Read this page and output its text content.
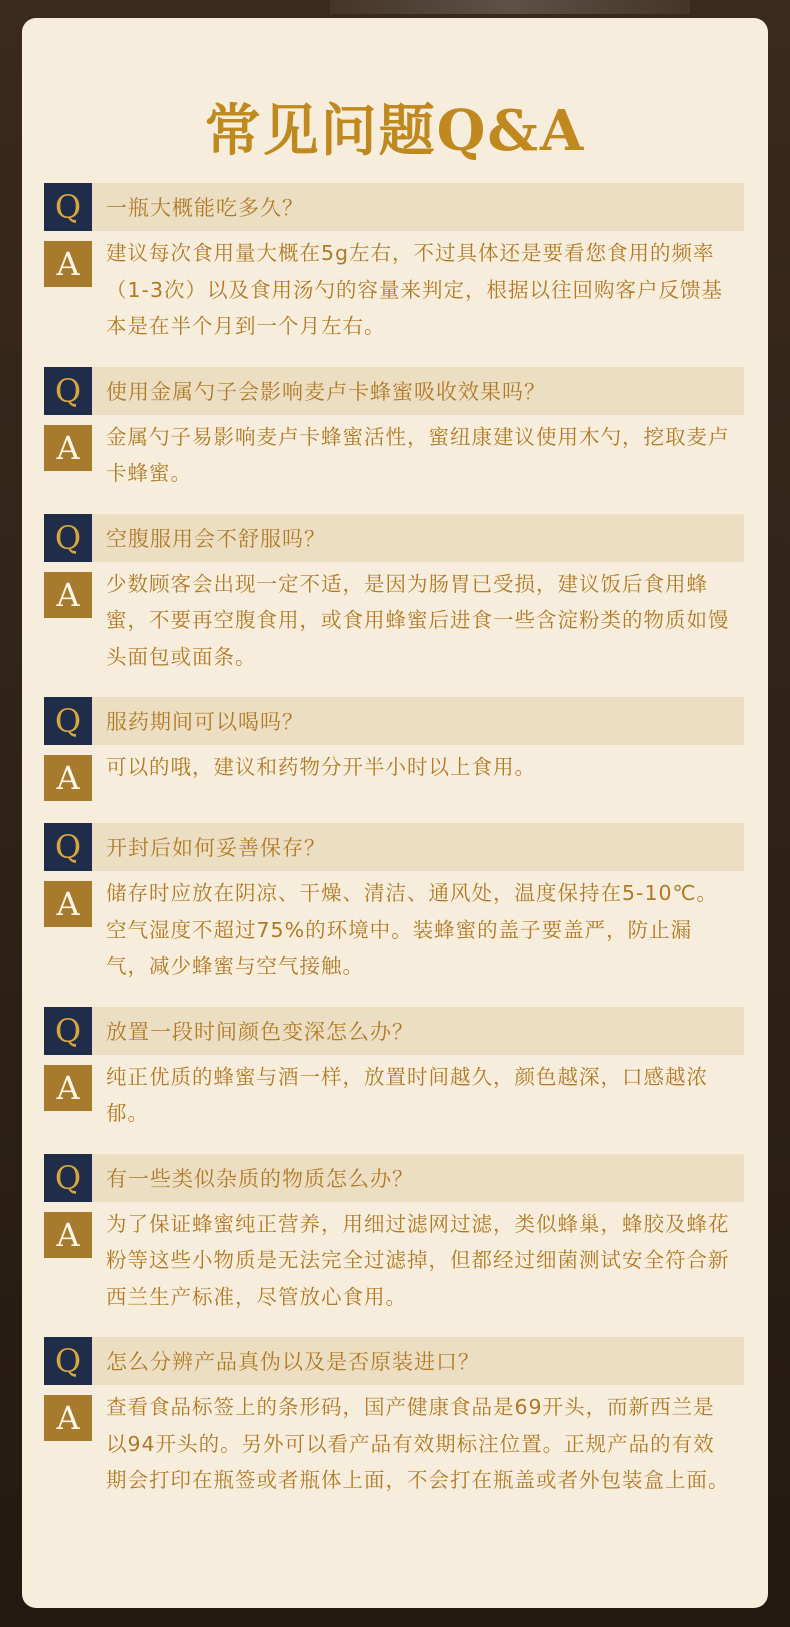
常见问题Q&A
Q	一瓶大概能吃多久？
A	建议每次食用量大概在5g左右，不过具体还是要看您食用的频率（1-3次）以及食用汤勺的容量来判定，根据以往回购客户反馈基本是在半个月到一个月左右。
Q	使用金属勺子会影响麦卢卡蜂蜜吸收效果吗？
A	金属勺子易影响麦卢卡蜂蜜活性，蜜纽康建议使用木勺，挖取麦卢卡蜂蜜。
Q	空腹服用会不舒服吗？
A	少数顾客会出现一定不适，是因为肠胃已受损，建议饭后食用蜂蜜，不要再空腹食用，或食用蜂蜜后进食一些含淀粉类的物质如馒头面包或面条。
Q	服药期间可以喝吗？
A	可以的哦，建议和药物分开半小时以上食用。
Q	开封后如何妥善保存？
A	储存时应放在阴凉、干燥、清洁、通风处，温度保持在5-10℃。空气湿度不超过75%的环境中。装蜂蜜的盖子要盖严，防止漏气，减少蜂蜜与空气接触。
Q	放置一段时间颜色变深怎么办？
A	纯正优质的蜂蜜与酒一样，放置时间越久，颜色越深，口感越浓郁。
Q	有一些类似杂质的物质怎么办？
A	为了保证蜂蜜纯正营养，用细过滤网过滤，类似蜂巢，蜂胶及蜂花粉等这些小物质是无法完全过滤掉，但都经过细菌测试安全符合新西兰生产标准，尽管放心食用。
Q	怎么分辨产品真伪以及是否原装进口？
A	查看食品标签上的条形码，国产健康食品是69开头，而新西兰是以94开头的。另外可以看产品有效期标注位置。正规产品的有效期会打印在瓶签或者瓶体上面，不会打在瓶盖或者外包装盒上面。
